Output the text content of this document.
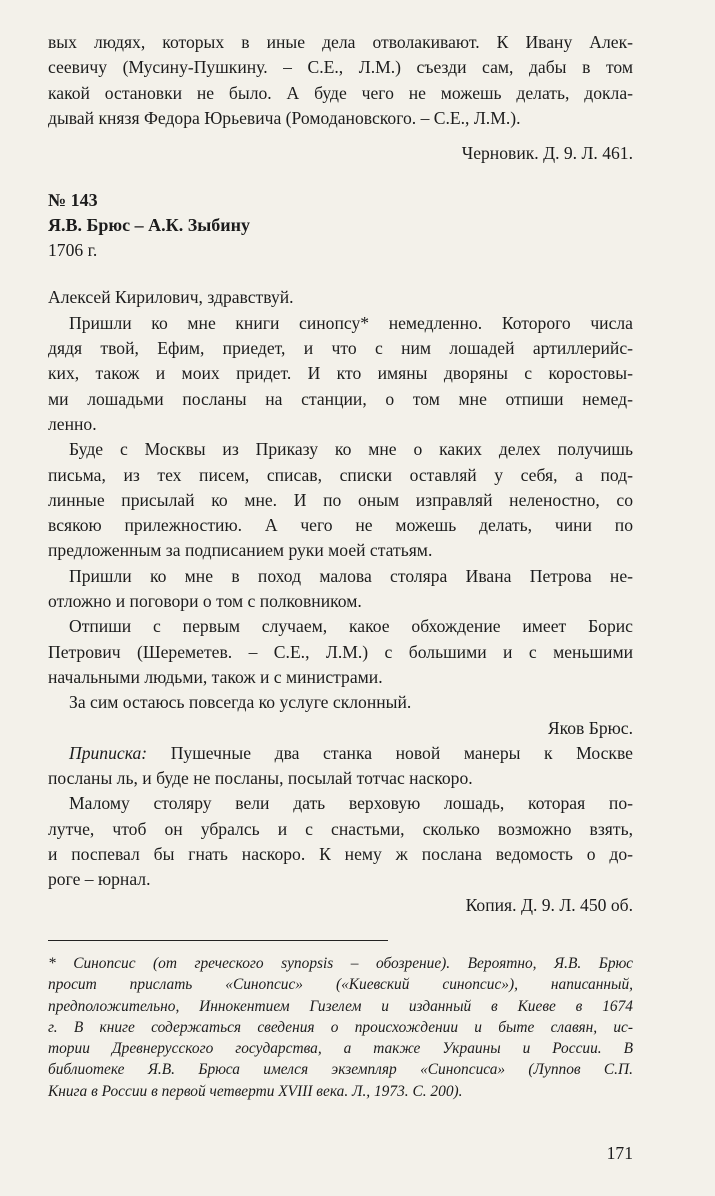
вых людях, которых в иные дела отволакивают. К Ивану Алек-
сеевичу (Мусину-Пушкину. – С.Е., Л.М.) съезди сам, дабы в том
какой остановки не было. А буде чего не можешь делать, доклa-
дывай князя Федора Юрьевича (Ромодановского. – С.Е., Л.М.).
Черновик. Д. 9. Л. 461.
№ 143
Я.В. Брюс – А.К. Зыбину
1706 г.
Алексей Кирилович, здравствуй.
Пришли ко мне книги синопсу* немедленно. Которого числа
дядя твой, Ефим, приедет, и что с ним лошадей артиллерийс-
ких, також и моих придет. И кто имяны дворяны с коростовы-
ми лошадьми посланы на станции, о том мне отпиши немед-
ленно.
Буде с Москвы из Приказу ко мне о каких делех получишь
письма, из тех писем, списав, списки оставляй у себя, а под-
линные присылай ко мне. И по оным изправляй неленостно, со
всякою прилежностию. А чего не можешь делать, чини по
предложенным за подписанием руки моей статьям.
Пришли ко мне в поход малова столяра Ивана Петрова не-
отложно и поговори о том с полковником.
Отпиши с первым случаем, какое обхождение имеет Борис
Петрович (Шереметев. – С.Е., Л.М.) с большими и с меньшими
начальными людьми, також и с министрами.
За сим остаюсь повсегда ко услуге склонный.
Яков Брюс.
Приписка: Пушечные два станка новой манеры к Москве
посланы ль, и буде не посланы, посылай тотчас наскоро.
Малому столяру вели дать верховую лошадь, которая по-
лутче, чтоб он убралсь и с снастьми, сколько возможно взять,
и поспевал бы гнать наскоро. К нему ж послана ведомость о до-
роге – юрнал.
Копия. Д. 9. Л. 450 об.
* Синопсис (от греческого synopsis – обозрение). Вероятно, Я.В. Брюс
просит прислать «Синопсис» («Киевский синопсис»), написанный,
предположительно, Иннокентием Гизелем и изданный в Киеве в 1674
г. В книге содержаться сведения о происхождении и быте славян, ис-
тории Древнерусского государства, а также Украины и России. В
библиотеке Я.В. Брюса имелся экземпляр «Синопсиса» (Луппов С.П.
Книга в России в первой четверти XVIII века. Л., 1973. С. 200).
171
